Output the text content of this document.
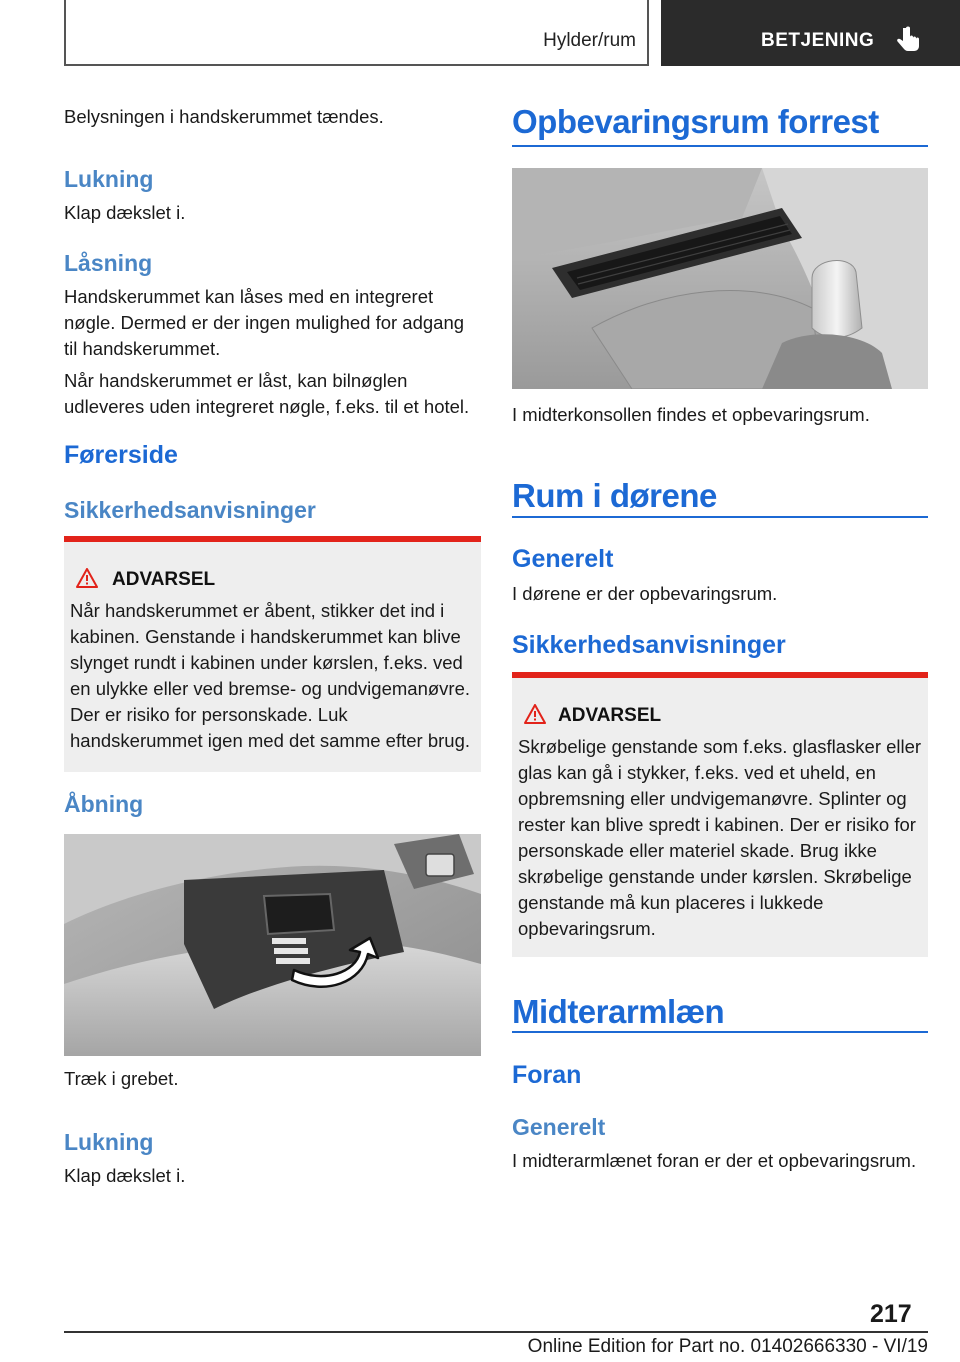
Hylder/rum	BETJENING

Belysningen i handskerummet tændes.

Lukning

Klap dækslet i.

Låsning

Handskerummet kan låses med en integreret nøgle. Dermed er der ingen mulighed for adgang til handskerummet.

Når handskerummet er låst, kan bilnøglen udleveres uden integreret nøgle, f.eks. til et hotel.

Førerside
Sikkerhedsanvisninger
ADVARSEL
Når handskerummet er åbent, stikker det ind i kabinen. Genstande i handskerummet kan blive slynget rundt i kabinen under kørslen, f.eks. ved en ulykke eller ved bremse- og undvigemanøvre. Der er risiko for personskade. Luk handskerummet igen med det samme efter brug.
Åbning

Træk i grebet.

Lukning

Klap dækslet i.

Opbevaringsrum forrest

I midterkonsollen findes et opbevaringsrum.

Rum i dørene
Generelt

I dørene er der opbevaringsrum.

Sikkerhedsanvisninger
ADVARSEL
Skrøbelige genstande som f.eks. glasflasker eller glas kan gå i stykker, f.eks. ved et uheld, en opbremsning eller undvigemanøvre. Splinter og rester kan blive spredt i kabinen. Der er risiko for personskade eller materiel skade. Brug ikke skrøbelige genstande under kørslen. Skrøbelige genstande må kun placeres i lukkede opbevaringsrum.
Midterarmlæn
Foran
Generelt

I midterarmlænet foran er der et opbevaringsrum.

217
Online Edition for Part no. 01402666330 - VI/19
